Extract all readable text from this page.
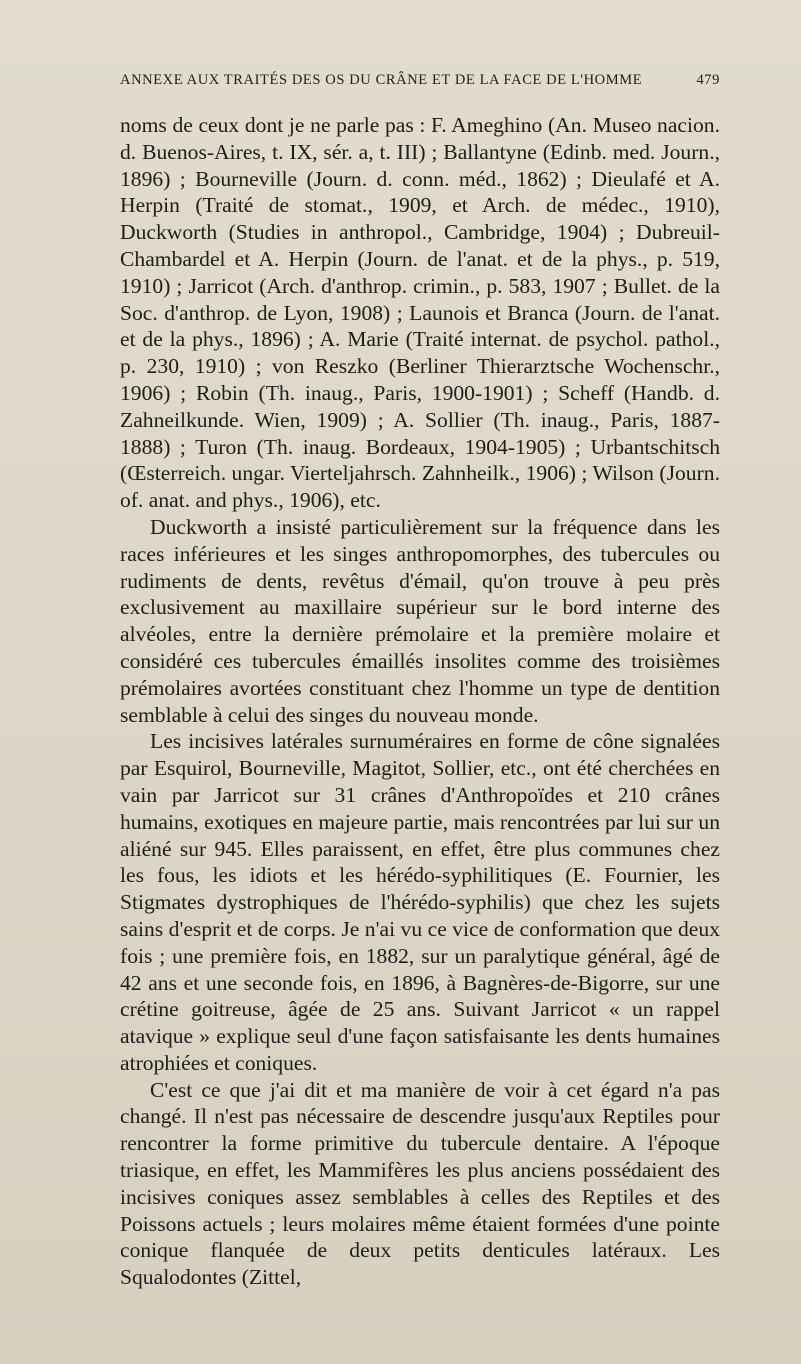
ANNEXE AUX TRAITÉS DES OS DU CRÂNE ET DE LA FACE DE L'HOMME	479

noms de ceux dont je ne parle pas : F. Ameghino (An. Museo nacion. d. Buenos-Aires, t. IX, sér. a, t. III) ; Ballantyne (Edinb. med. Journ., 1896) ; Bourneville (Journ. d. conn. méd., 1862) ; Dieulafé et A. Herpin (Traité de stomat., 1909, et Arch. de médec., 1910), Duckworth (Studies in anthropol., Cambridge, 1904) ; Dubreuil-Chambardel et A. Herpin (Journ. de l'anat. et de la phys., p. 519, 1910) ; Jarricot (Arch. d'anthrop. crimin., p. 583, 1907 ; Bullet. de la Soc. d'anthrop. de Lyon, 1908) ; Launois et Branca (Journ. de l'anat. et de la phys., 1896) ; A. Marie (Traité internat. de psychol. pathol., p. 230, 1910) ; von Reszko (Berliner Thierarztsche Wochenschr., 1906) ; Robin (Th. inaug., Paris, 1900-1901) ; Scheff (Handb. d. Zahneilkunde. Wien, 1909) ; A. Sollier (Th. inaug., Paris, 1887-1888) ; Turon (Th. inaug. Bordeaux, 1904-1905) ; Urbantschitsch (Œsterreich. ungar. Vierteljahrsch. Zahnheilk., 1906) ; Wilson (Journ. of. anat. and phys., 1906), etc.

Duckworth a insisté particulièrement sur la fréquence dans les races inférieures et les singes anthropomorphes, des tubercules ou rudiments de dents, revêtus d'émail, qu'on trouve à peu près exclusivement au maxillaire supérieur sur le bord interne des alvéoles, entre la dernière prémolaire et la première molaire et considéré ces tubercules émaillés insolites comme des troisièmes prémolaires avortées constituant chez l'homme un type de dentition semblable à celui des singes du nouveau monde.

Les incisives latérales surnuméraires en forme de cône signalées par Esquirol, Bourneville, Magitot, Sollier, etc., ont été cherchées en vain par Jarricot sur 31 crânes d'Anthropoïdes et 210 crânes humains, exotiques en majeure partie, mais rencontrées par lui sur un aliéné sur 945. Elles paraissent, en effet, être plus communes chez les fous, les idiots et les hérédo-syphilitiques (E. Fournier, les Stigmates dystrophiques de l'hérédo-syphilis) que chez les sujets sains d'esprit et de corps. Je n'ai vu ce vice de conformation que deux fois ; une première fois, en 1882, sur un paralytique général, âgé de 42 ans et une seconde fois, en 1896, à Bagnères-de-Bigorre, sur une crétine goitreuse, âgée de 25 ans. Suivant Jarricot « un rappel atavique » explique seul d'une façon satisfaisante les dents humaines atrophiées et coniques.

C'est ce que j'ai dit et ma manière de voir à cet égard n'a pas changé. Il n'est pas nécessaire de descendre jusqu'aux Reptiles pour rencontrer la forme primitive du tubercule dentaire. A l'époque triasique, en effet, les Mammifères les plus anciens possédaient des incisives coniques assez semblables à celles des Reptiles et des Poissons actuels ; leurs molaires même étaient formées d'une pointe conique flanquée de deux petits denticules latéraux. Les Squalodontes (Zittel,
